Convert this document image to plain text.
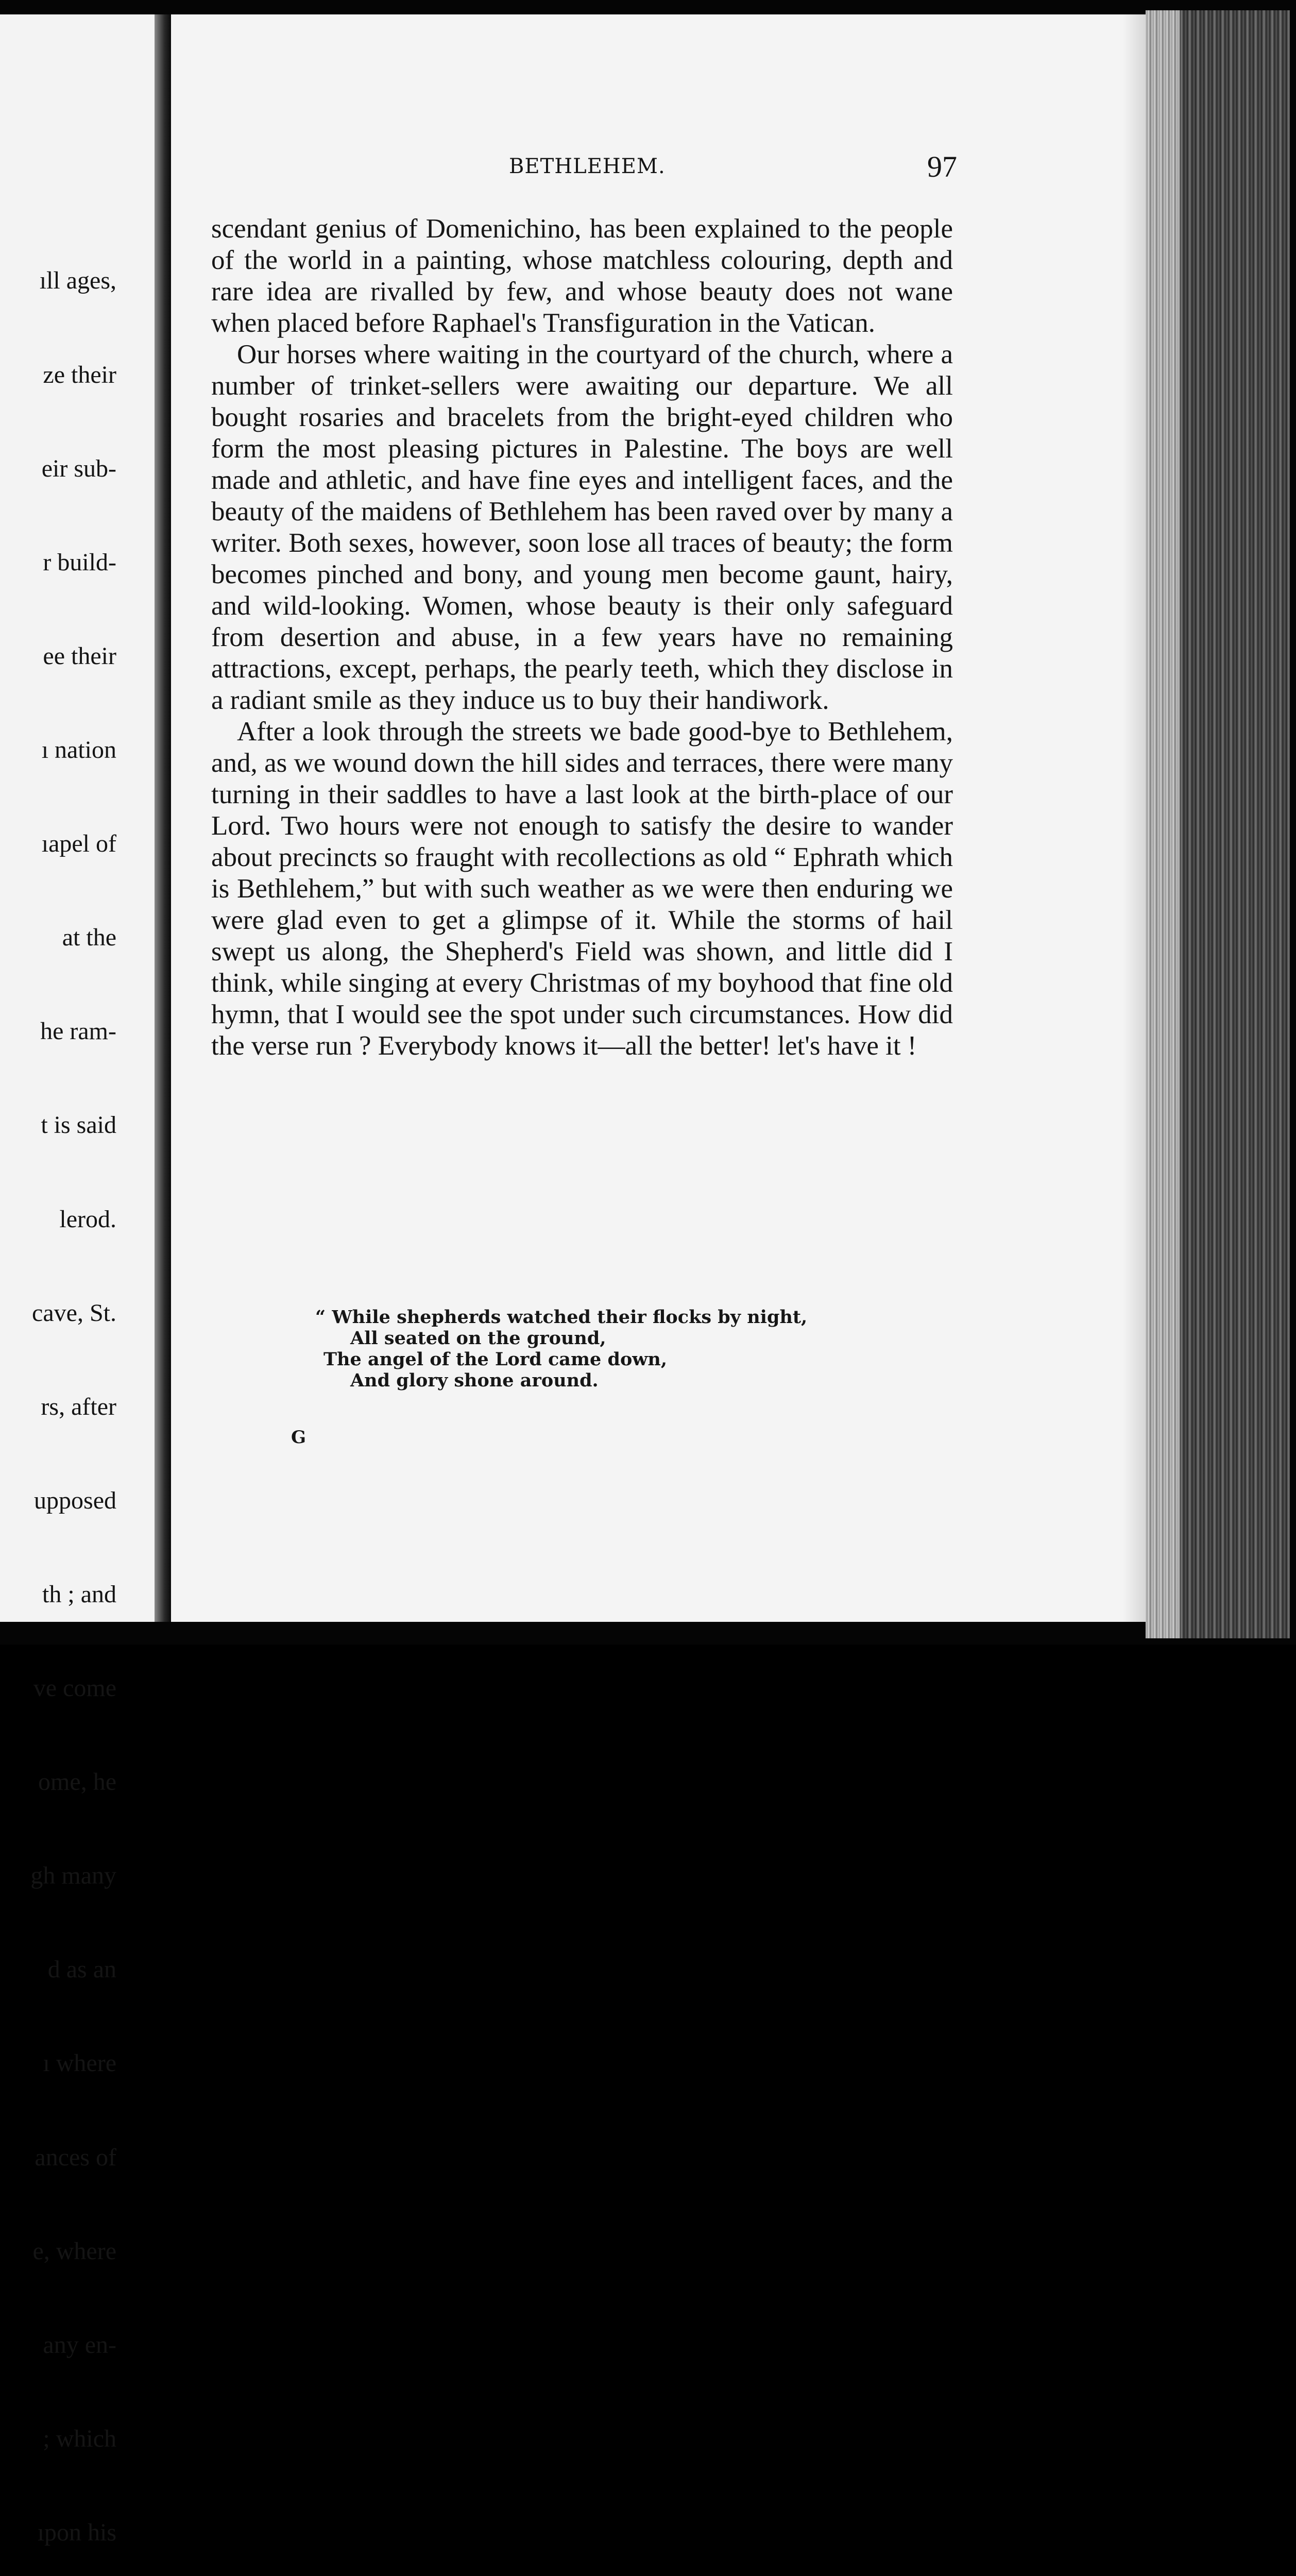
ıll ages,

ze their

eir sub-

r build-

ee their

ı nation

ıapel of

at the

he ram-

t is said

lerod.

cave, St.

rs, after

upposed

th ; and

ve come

ome, he

gh many

d as an

ı where

ances of

e, where

any en-

; which

ıpon his

BETHLEHEM.	97

scendant genius of Domenichino, has been explained to the people of the world in a painting, whose matchless colouring, depth and rare idea are rivalled by few, and whose beauty does not wane when placed before Raphael's Transfiguration in the Vatican.

Our horses where waiting in the courtyard of the church, where a number of trinket-sellers were awaiting our departure. We all bought rosaries and bracelets from the bright-eyed children who form the most pleasing pictures in Palestine. The boys are well made and athletic, and have fine eyes and intelligent faces, and the beauty of the maidens of Bethlehem has been raved over by many a writer. Both sexes, however, soon lose all traces of beauty; the form becomes pinched and bony, and young men become gaunt, hairy, and wild-looking. Women, whose beauty is their only safeguard from desertion and abuse, in a few years have no remaining attractions, except, perhaps, the pearly teeth, which they disclose in a radiant smile as they induce us to buy their handiwork.

After a look through the streets we bade good-bye to Bethlehem, and, as we wound down the hill sides and terraces, there were many turning in their saddles to have a last look at the birth-place of our Lord. Two hours were not enough to satisfy the desire to wander about precincts so fraught with recollections as old “ Ephrath which is Bethlehem,” but with such weather as we were then enduring we were glad even to get a glimpse of it. While the storms of hail swept us along, the Shepherd's Field was shown, and little did I think, while singing at every Christmas of my boyhood that fine old hymn, that I would see the spot under such circumstances. How did the verse run ? Everybody knows it—all the better! let's have it !

“ While shepherds watched their flocks by night,
All seated on the ground,
The angel of the Lord came down,
And glory shone around.
G
